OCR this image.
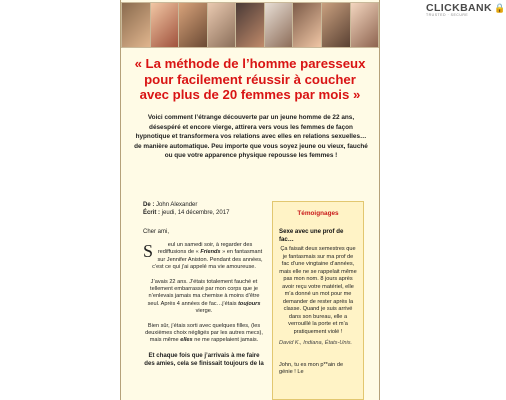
CLICKBANK 🔒
TRUSTED · SECURE
« La méthode de l’homme paresseux pour facilement réussir à coucher avec plus de 20 femmes par mois »
Voici comment l’étrange découverte par un jeune homme de 22 ans, désespéré et encore vierge, attirera vers vous les femmes de façon hypnotique et transformera vos relations avec elles en relations sexuelles… de manière automatique. Peu importe que vous soyez jeune ou vieux, fauché ou que votre apparence physique repousse les femmes !
De : John Alexander
Écrit : jeudi, 14 décembre, 2017
Cher ami,

S	eul un samedi soir, à regarder des rediffusions de « Friends » en fantasmant sur Jennifer Aniston. Pendant des années, c’est ce qui j’ai appelé ma vie amoureuse.

J’avais 22 ans. J’étais totalement fauché et tellement embarrassé par mon corps que je n’enlevais jamais ma chemise à moins d’être seul. Après 4 années de fac…j’étais toujours vierge.

Bien sûr, j’étais sorti avec quelques filles, (les deuxièmes choix négligés par les autres mecs), mais même elles ne me rappelaient jamais.

Et chaque fois que j’arrivais à me faire des amies, cela se finissait toujours de la

Témoignages
Sexe avec une prof de fac…
Ça faisait deux semestres que je fantasmais sur ma prof de fac d’une vingtaine d’années, mais elle ne se rappelait même pas mon nom. 8 jours après avoir reçu votre matériel, elle m’a donné un mot pour me demander de rester après la classe. Quand je suis arrivé dans son bureau, elle a verrouillé la porte et m’a pratiquement violé !
David K., Indiana, États-Unis.
John, tu es mon p**ain de génie ! Le
